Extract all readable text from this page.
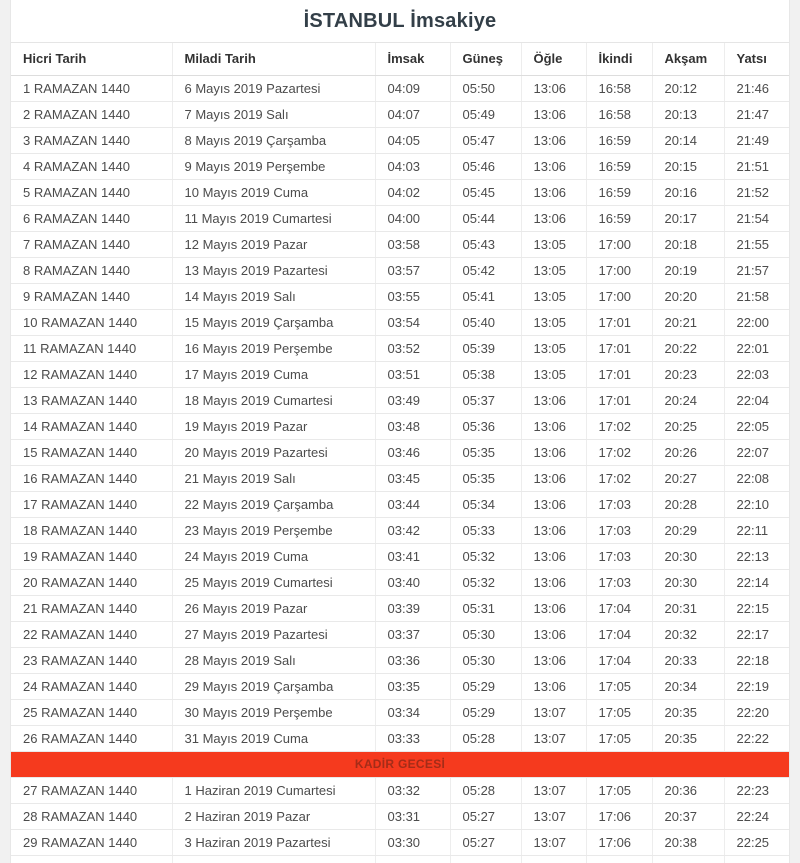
İSTANBUL İmsakiye
Hicri Tarih	Miladi Tarih	İmsak	Güneş	Öğle	İkindi	Akşam	Yatsı
1 RAMAZAN 1440	6 Mayıs 2019 Pazartesi	04:09	05:50	13:06	16:58	20:12	21:46
2 RAMAZAN 1440	7 Mayıs 2019 Salı	04:07	05:49	13:06	16:58	20:13	21:47
3 RAMAZAN 1440	8 Mayıs 2019 Çarşamba	04:05	05:47	13:06	16:59	20:14	21:49
4 RAMAZAN 1440	9 Mayıs 2019 Perşembe	04:03	05:46	13:06	16:59	20:15	21:51
5 RAMAZAN 1440	10 Mayıs 2019 Cuma	04:02	05:45	13:06	16:59	20:16	21:52
6 RAMAZAN 1440	11 Mayıs 2019 Cumartesi	04:00	05:44	13:06	16:59	20:17	21:54
7 RAMAZAN 1440	12 Mayıs 2019 Pazar	03:58	05:43	13:05	17:00	20:18	21:55
8 RAMAZAN 1440	13 Mayıs 2019 Pazartesi	03:57	05:42	13:05	17:00	20:19	21:57
9 RAMAZAN 1440	14 Mayıs 2019 Salı	03:55	05:41	13:05	17:00	20:20	21:58
10 RAMAZAN 1440	15 Mayıs 2019 Çarşamba	03:54	05:40	13:05	17:01	20:21	22:00
11 RAMAZAN 1440	16 Mayıs 2019 Perşembe	03:52	05:39	13:05	17:01	20:22	22:01
12 RAMAZAN 1440	17 Mayıs 2019 Cuma	03:51	05:38	13:05	17:01	20:23	22:03
13 RAMAZAN 1440	18 Mayıs 2019 Cumartesi	03:49	05:37	13:06	17:01	20:24	22:04
14 RAMAZAN 1440	19 Mayıs 2019 Pazar	03:48	05:36	13:06	17:02	20:25	22:05
15 RAMAZAN 1440	20 Mayıs 2019 Pazartesi	03:46	05:35	13:06	17:02	20:26	22:07
16 RAMAZAN 1440	21 Mayıs 2019 Salı	03:45	05:35	13:06	17:02	20:27	22:08
17 RAMAZAN 1440	22 Mayıs 2019 Çarşamba	03:44	05:34	13:06	17:03	20:28	22:10
18 RAMAZAN 1440	23 Mayıs 2019 Perşembe	03:42	05:33	13:06	17:03	20:29	22:11
19 RAMAZAN 1440	24 Mayıs 2019 Cuma	03:41	05:32	13:06	17:03	20:30	22:13
20 RAMAZAN 1440	25 Mayıs 2019 Cumartesi	03:40	05:32	13:06	17:03	20:30	22:14
21 RAMAZAN 1440	26 Mayıs 2019 Pazar	03:39	05:31	13:06	17:04	20:31	22:15
22 RAMAZAN 1440	27 Mayıs 2019 Pazartesi	03:37	05:30	13:06	17:04	20:32	22:17
23 RAMAZAN 1440	28 Mayıs 2019 Salı	03:36	05:30	13:06	17:04	20:33	22:18
24 RAMAZAN 1440	29 Mayıs 2019 Çarşamba	03:35	05:29	13:06	17:05	20:34	22:19
25 RAMAZAN 1440	30 Mayıs 2019 Perşembe	03:34	05:29	13:07	17:05	20:35	22:20
26 RAMAZAN 1440	31 Mayıs 2019 Cuma	03:33	05:28	13:07	17:05	20:35	22:22
KADİR GECESİ							
27 RAMAZAN 1440	1 Haziran 2019 Cumartesi	03:32	05:28	13:07	17:05	20:36	22:23
28 RAMAZAN 1440	2 Haziran 2019 Pazar	03:31	05:27	13:07	17:06	20:37	22:24
29 RAMAZAN 1440	3 Haziran 2019 Pazartesi	03:30	05:27	13:07	17:06	20:38	22:25
